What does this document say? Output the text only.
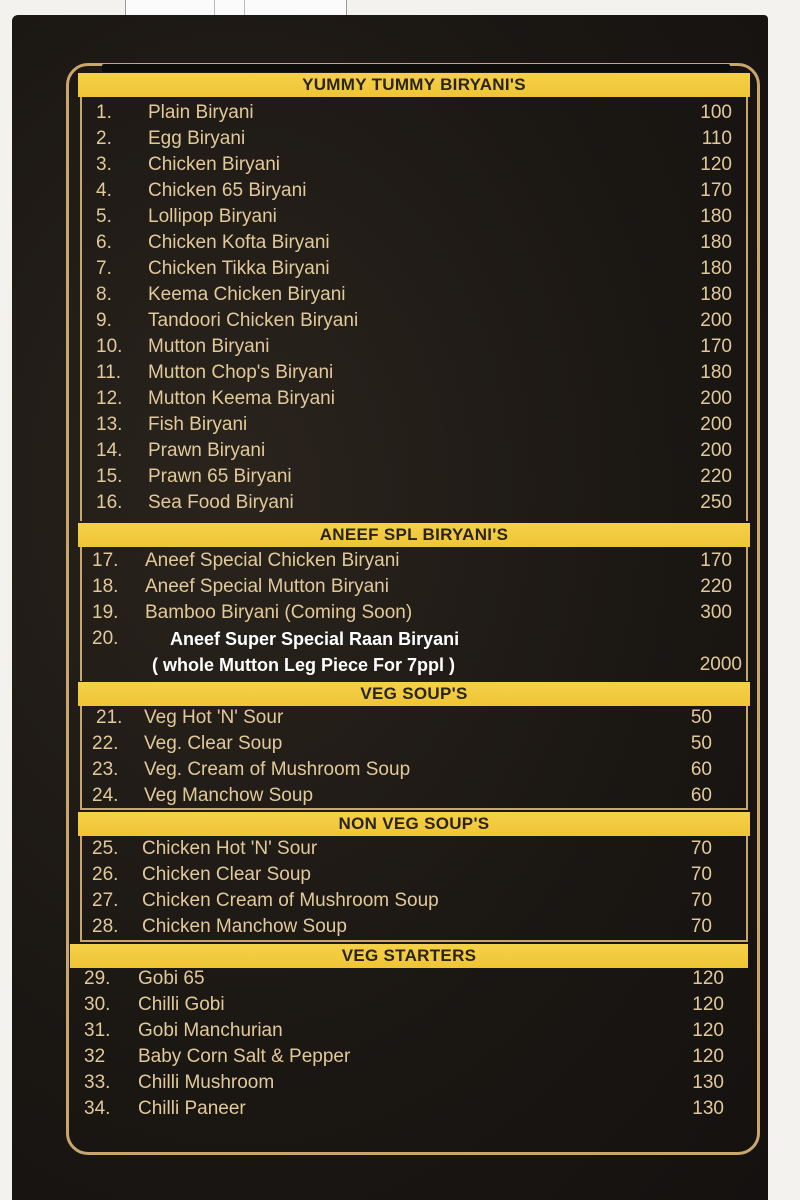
YUMMY TUMMY BIRYANI'S
1. Plain Biryani	100
2. Egg Biryani	110
3. Chicken Biryani	120
4. Chicken 65 Biryani	170
5. Lollipop Biryani	180
6. Chicken Kofta Biryani	180
7. Chicken Tikka Biryani	180
8. Keema Chicken Biryani	180
9. Tandoori Chicken Biryani	200
10. Mutton Biryani	170
11. Mutton Chop's Biryani	180
12. Mutton Keema Biryani	200
13. Fish Biryani	200
14. Prawn Biryani	200
15. Prawn 65 Biryani	220
16. Sea Food Biryani	250
ANEEF SPL BIRYANI'S
17. Aneef Special Chicken Biryani	170
18. Aneef Special Mutton Biryani	220
19. Bamboo Biryani (Coming Soon)	300
20.	Aneef Super Special Raan Biryani
( whole Mutton Leg Piece For 7ppl )	2000
VEG SOUP'S
21. Veg Hot 'N' Sour	50
22. Veg. Clear Soup	50
23. Veg. Cream of Mushroom Soup	60
24. Veg Manchow Soup	60
NON VEG SOUP'S
25. Chicken Hot 'N' Sour	70
26. Chicken Clear Soup	70
27. Chicken Cream of Mushroom Soup	70
28. Chicken Manchow Soup	70
VEG STARTERS
29. Gobi 65	120
30. Chilli Gobi	120
31. Gobi Manchurian	120
32 Baby Corn Salt & Pepper	120
33. Chilli Mushroom	130
34. Chilli Paneer	130
